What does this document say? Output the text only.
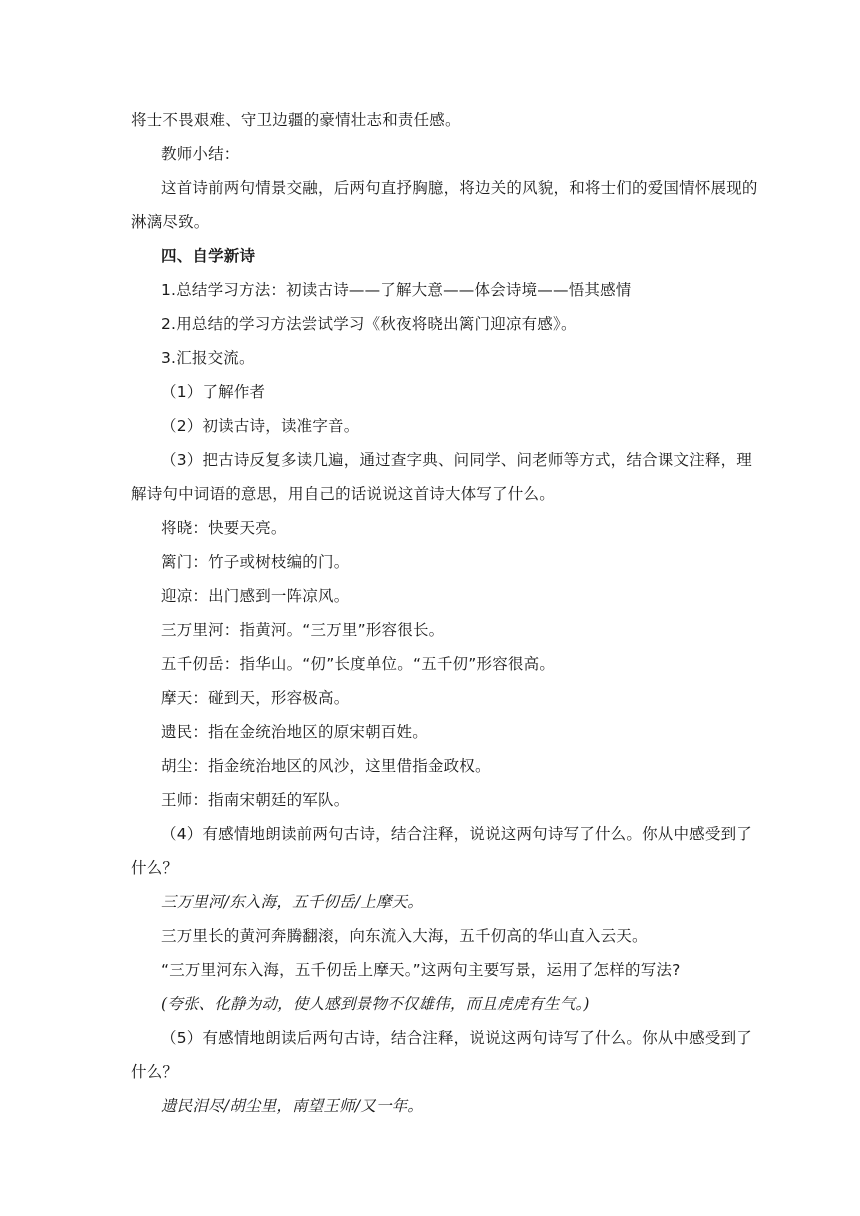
将士不畏艰难、守卫边疆的豪情壮志和责任感。
教师小结：
这首诗前两句情景交融，后两句直抒胸臆，将边关的风貌，和将士们的爱国情怀展现的
淋漓尽致。
四、自学新诗
1.总结学习方法：初读古诗——了解大意——体会诗境——悟其感情
2.用总结的学习方法尝试学习《秋夜将晓出篱门迎凉有感》。
3.汇报交流。
（1）了解作者
（2）初读古诗，读准字音。
（3）把古诗反复多读几遍，通过查字典、问同学、问老师等方式，结合课文注释，理
解诗句中词语的意思，用自己的话说说这首诗大体写了什么。
将晓：快要天亮。
篱门：竹子或树枝编的门。
迎凉：出门感到一阵凉风。
三万里河：指黄河。“三万里”形容很长。
五千仞岳：指华山。“仞”长度单位。“五千仞”形容很高。
摩天：碰到天，形容极高。
遗民：指在金统治地区的原宋朝百姓。
胡尘：指金统治地区的风沙，这里借指金政权。
王师：指南宋朝廷的军队。
（4）有感情地朗读前两句古诗，结合注释，说说这两句诗写了什么。你从中感受到了
什么？
三万里河/东入海，五千仞岳/上摩天。
三万里长的黄河奔腾翻滚，向东流入大海，五千仞高的华山直入云天。
“三万里河东入海，五千仞岳上摩天。”这两句主要写景，运用了怎样的写法?
(夸张、化静为动，使人感到景物不仅雄伟，而且虎虎有生气。)
（5）有感情地朗读后两句古诗，结合注释，说说这两句诗写了什么。你从中感受到了
什么？
遗民泪尽/胡尘里，南望王师/又一年。
